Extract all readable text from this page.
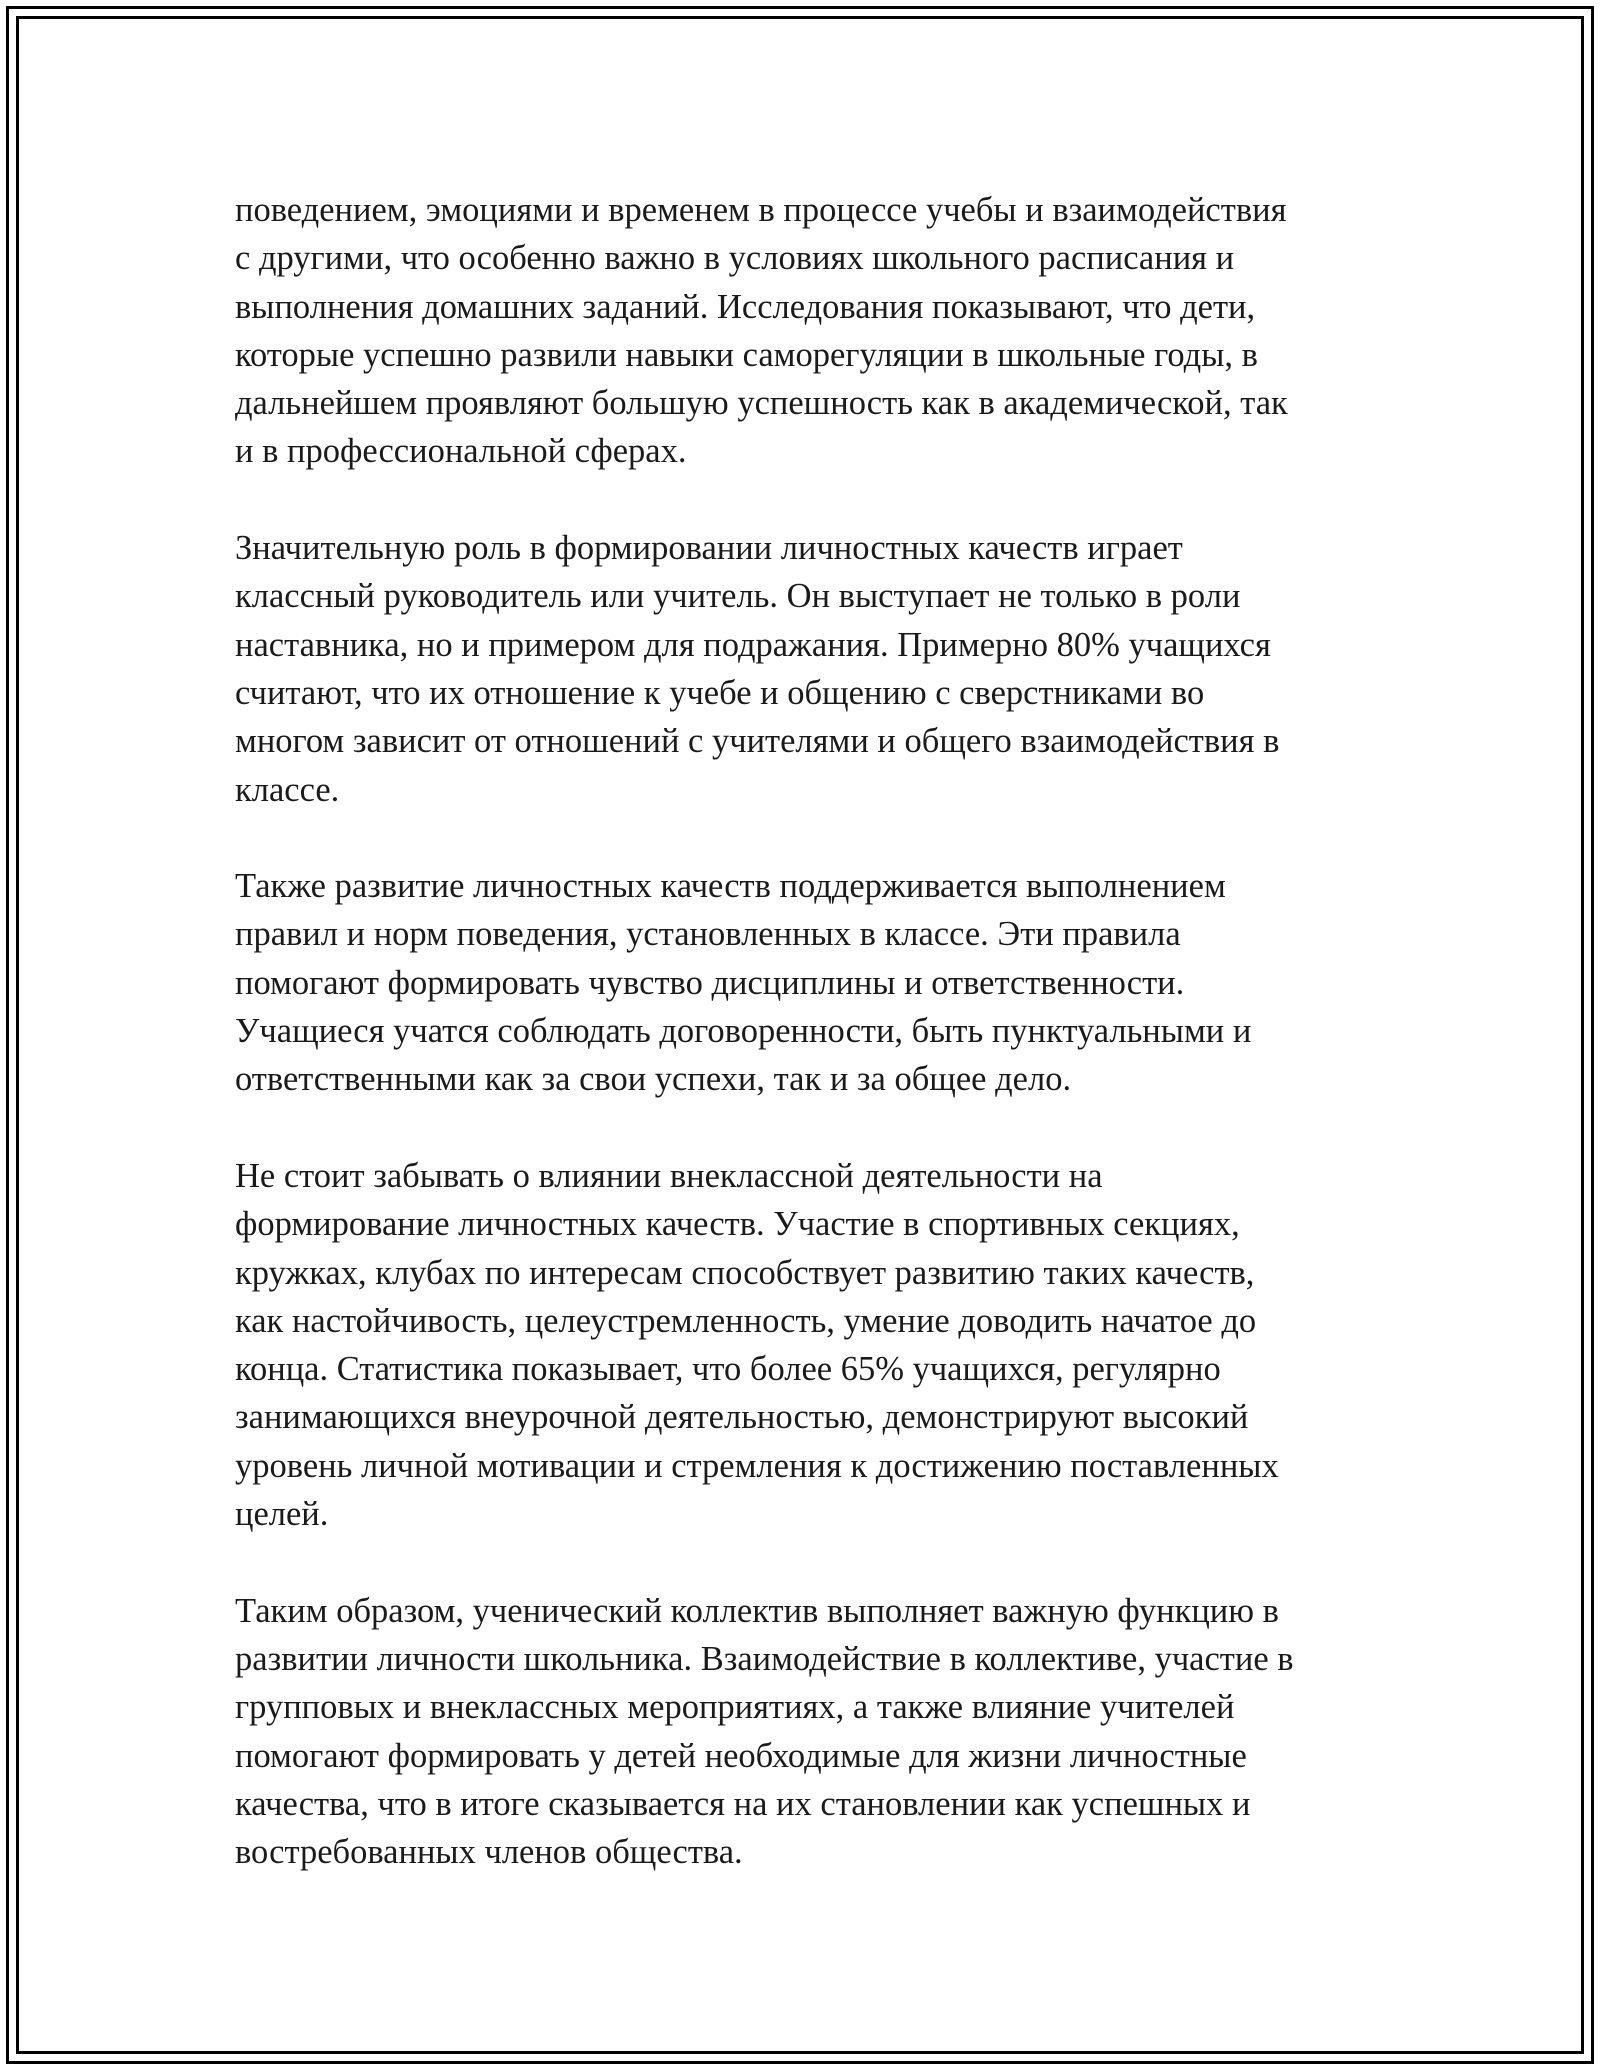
поведением, эмоциями и временем в процессе учебы и взаимодействия
с другими, что особенно важно в условиях школьного расписания и
выполнения домашних заданий. Исследования показывают, что дети,
которые успешно развили навыки саморегуляции в школьные годы, в
дальнейшем проявляют большую успешность как в академической, так
и в профессиональной сферах.

Значительную роль в формировании личностных качеств играет
классный руководитель или учитель. Он выступает не только в роли
наставника, но и примером для подражания. Примерно 80% учащихся
считают, что их отношение к учебе и общению с сверстниками во
многом зависит от отношений с учителями и общего взаимодействия в
классе.

Также развитие личностных качеств поддерживается выполнением
правил и норм поведения, установленных в классе. Эти правила
помогают формировать чувство дисциплины и ответственности.
Учащиеся учатся соблюдать договоренности, быть пунктуальными и
ответственными как за свои успехи, так и за общее дело.

Не стоит забывать о влиянии внеклассной деятельности на
формирование личностных качеств. Участие в спортивных секциях,
кружках, клубах по интересам способствует развитию таких качеств,
как настойчивость, целеустремленность, умение доводить начатое до
конца. Статистика показывает, что более 65% учащихся, регулярно
занимающихся внеурочной деятельностью, демонстрируют высокий
уровень личной мотивации и стремления к достижению поставленных
целей.

Таким образом, ученический коллектив выполняет важную функцию в
развитии личности школьника. Взаимодействие в коллективе, участие в
групповых и внеклассных мероприятиях, а также влияние учителей
помогают формировать у детей необходимые для жизни личностные
качества, что в итоге сказывается на их становлении как успешных и
востребованных членов общества.
